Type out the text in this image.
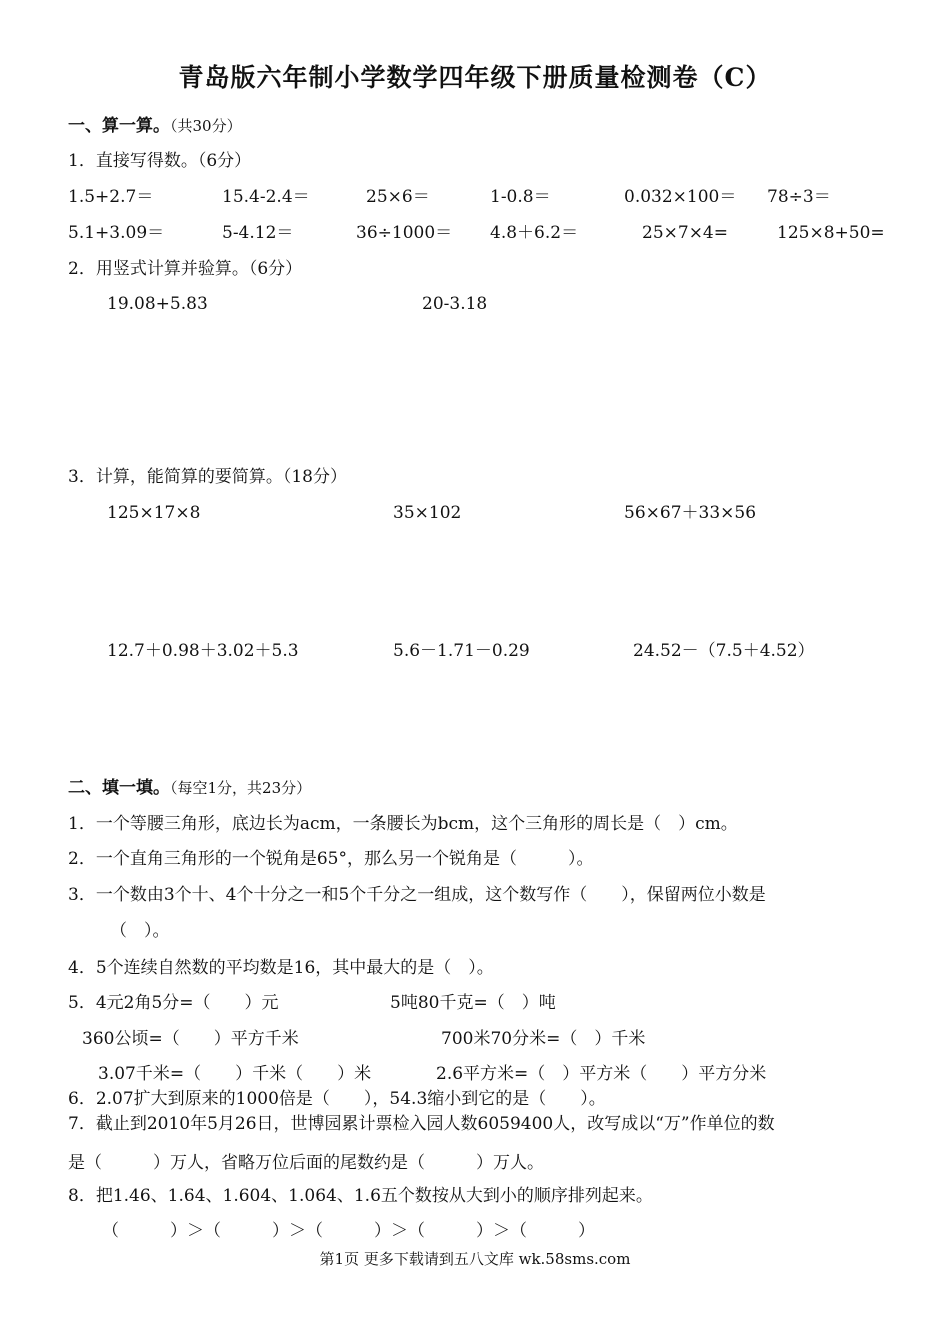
青岛版六年制小学数学四年级下册质量检测卷（C）
一、算一算。（共30分）
1．直接写得数。（6分）
1.5+2.7＝	15.4-2.4＝	25×6＝	1-0.8＝	0.032×100＝ 78÷3＝
5.1+3.09＝	5-4.12＝	36÷1000＝ 4.8＋6.2＝	25×7×4=	125×8+50=
2．用竖式计算并验算。（6分）
19.08+5.83	20-3.18
3．计算，能简算的要简算。（18分）
125×17×8	35×102	56×67＋33×56
12.7＋0.98＋3.02＋5.3	5.6－1.71－0.29	24.52－（7.5＋4.52）
二、填一填。（每空1分，共23分）
1．一个等腰三角形，底边长为acm，一条腰长为bcm，这个三角形的周长是（　）cm。
2．一个直角三角形的一个锐角是65°，那么另一个锐角是（　　　）。
3．一个数由3个十、4个十分之一和5个千分之一组成，这个数写作（　　），保留两位小数是
（　）。
4．5个连续自然数的平均数是16，其中最大的是（　）。
5．4元2角5分=（　　）元	5吨80千克=（　）吨
360公顷=（　　）平方千米	700米70分米=（　）千米
3.07千米=（　　）千米（　　）米	2.6平方米=（　）平方米（　　）平方分米
6．2.07扩大到原来的1000倍是（　　），54.3缩小到它的是（　　）。
7．截止到2010年5月26日，世博园累计票检入园人数6059400人，改写成以“万”作单位的数
是（　　　）万人，省略万位后面的尾数约是（　　　）万人。
8．把1.46、1.64、1.604、1.064、1.6五个数按从大到小的顺序排列起来。
（　　　）＞（　　　）＞（　　　）＞（　　　）＞（　　　）
第1页 更多下载请到五八文库 wk.58sms.com
